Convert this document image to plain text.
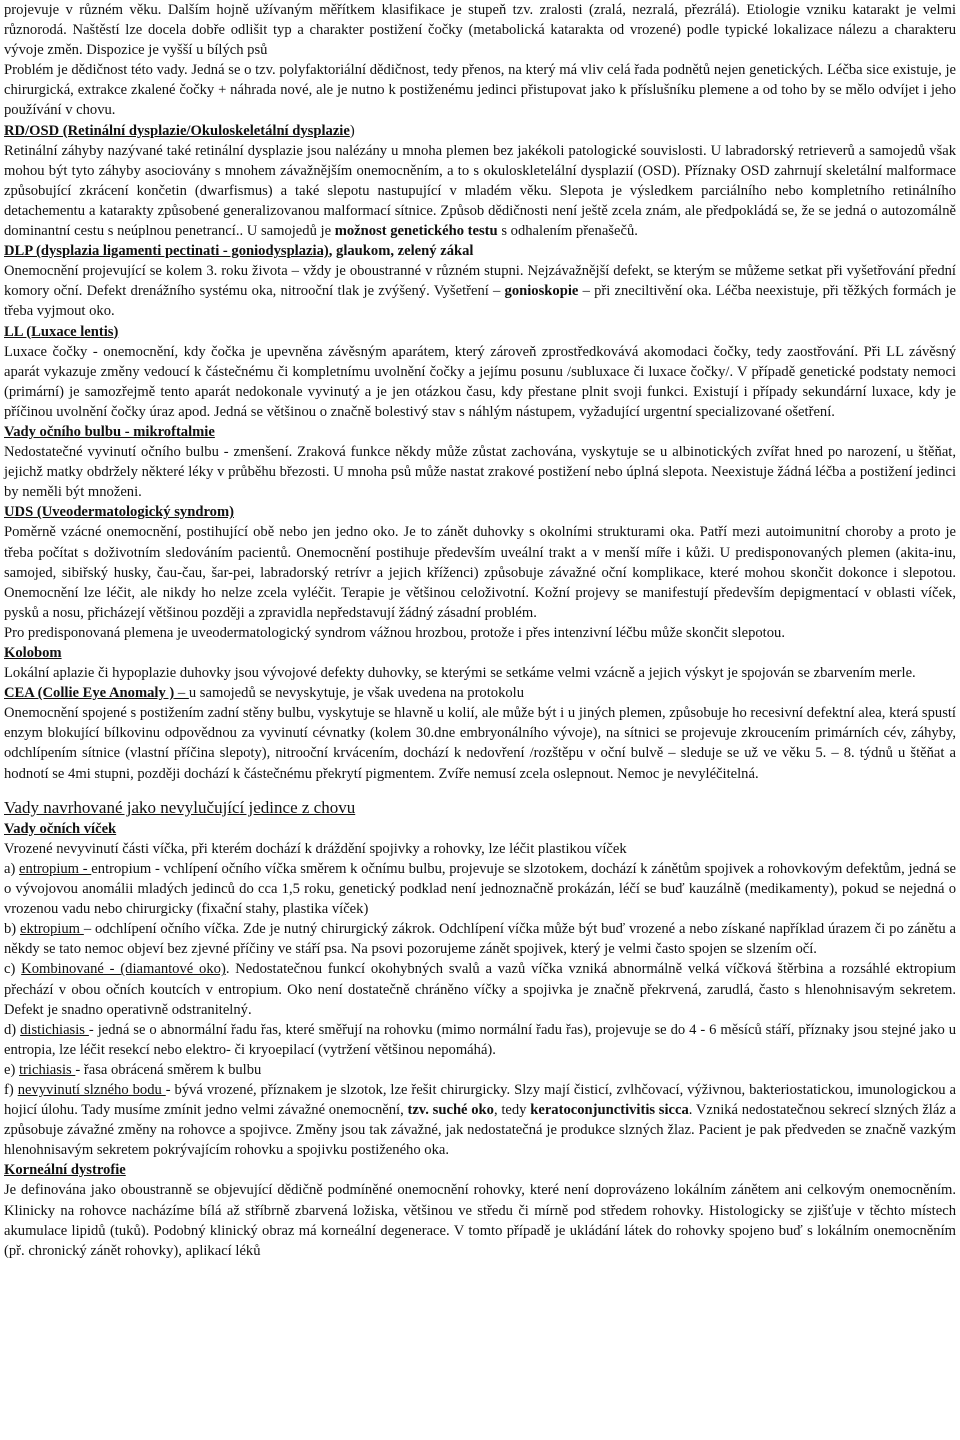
projevuje v různém věku. Dalším hojně užívaným měřítkem klasifikace je stupeň tzv. zralosti (zralá, nezralá, přezrálá). Etiologie vzniku katarakt je velmi různorodá. Naštěstí lze docela dobře odlišit typ a charakter postižení čočky (metabolická katarakta od vrozené) podle typické lokalizace nálezu a charakteru vývoje změn. Dispozice je vyšší u bílých psů

Problém je dědičnost této vady. Jedná se o tzv. polyfaktoriální dědičnost, tedy přenos, na který má vliv celá řada podnětů nejen genetických. Léčba sice existuje, je chirurgická, extrakce zkalené čočky + náhrada nové, ale je nutno k postiženému jedinci přistupovat jako k příslušníku plemene a od toho by se mělo odvíjet i jeho používání v chovu.

RD/OSD (Retinální dysplazie/Okuloskeletální dysplazie)

Retinální záhyby nazývané také retinální dysplazie jsou nalézány u mnoha plemen bez jakékoli patologické souvislosti. U labradorský retrieverů a samojedů však mohou být tyto záhyby asociovány s mnohem závažnějším onemocněním, a to s okuloskletelální dysplazií (OSD). Příznaky OSD zahrnují skeletální malformace způsobující zkrácení končetin (dwarfismus) a také slepotu nastupující v mladém věku. Slepota je výsledkem parciálního nebo kompletního retinálního detachementu a katarakty způsobené generalizovanou malformací sítnice. Způsob dědičnosti není ještě zcela znám, ale předpokládá se, že se jedná o autozomálně dominantní cestu s neúplnou penetrancí.. U samojedů je možnost genetického testu s odhalením přenašečů.

DLP (dysplazia ligamenti pectinati - goniodysplazia), glaukom, zelený zákal

Onemocnění projevující se kolem 3. roku života – vždy je oboustranné v různém stupni. Nejzávažnější defekt, se kterým se můžeme setkat při vyšetřování přední komory oční. Defekt drenážního systému oka, nitrooční tlak je zvýšený. Vyšetření – gonioskopie – při zneciltivění oka. Léčba neexistuje, při těžkých formách je třeba vyjmout oko.

LL (Luxace lentis)

Luxace čočky - onemocnění, kdy čočka je upevněna závěsným aparátem, který zároveň zprostředkovává akomodaci čočky, tedy zaostřování. Při LL závěsný aparát vykazuje změny vedoucí k částečnému či kompletnímu uvolnění čočky a jejímu posunu /subluxace či luxace čočky/. V případě genetické podstaty nemoci (primární) je samozřejmě tento aparát nedokonale vyvinutý a je jen otázkou času, kdy přestane plnit svoji funkci. Existují i případy sekundární luxace, kdy je příčinou uvolnění čočky úraz apod. Jedná se většinou o značně bolestivý stav s náhlým nástupem, vyžadující urgentní specializované ošetření.

Vady očního bulbu - mikroftalmie

Nedostatečné vyvinutí očního bulbu - zmenšení. Zraková funkce někdy může zůstat zachována, vyskytuje se u albinotických zvířat hned po narození, u štěňat, jejichž matky obdržely některé léky v průběhu březosti. U mnoha psů může nastat zrakové postižení nebo úplná slepota. Neexistuje žádná léčba a postižení jedinci by neměli být množeni.

UDS (Uveodermatologický syndrom)

Poměrně vzácné onemocnění, postihující obě nebo jen jedno oko. Je to zánět duhovky s okolními strukturami oka. Patří mezi autoimunitní choroby a proto je třeba počítat s doživotním sledováním pacientů. Onemocnění postihuje především uveální trakt a v menší míře i kůži. U predisponovaných plemen (akita-inu, samojed, sibiřský husky, čau-čau, šar-pei, labradorský retrívr a jejich kříženci) způsobuje závažné oční komplikace, které mohou skončit dokonce i slepotou. Onemocnění lze léčit, ale nikdy ho nelze zcela vyléčit. Terapie je většinou celoživotní. Kožní projevy se manifestují především depigmentací v oblasti víček, pysků a nosu, přicházejí většinou později a zpravidla nepředstavují žádný zásadní problém.

Pro predisponovaná plemena je uveodermatologický syndrom vážnou hrozbou, protože i přes intenzivní léčbu může skončit slepotou.

Kolobom

Lokální aplazie či hypoplazie duhovky jsou vývojové defekty duhovky, se kterými se setkáme velmi vzácně a jejich výskyt je spojován se zbarvením merle.

CEA (Collie Eye Anomaly ) – u samojedů se nevyskytuje, je však uvedena na protokolu

Onemocnění spojené s postižením zadní stěny bulbu, vyskytuje se hlavně u kolií, ale může být i u jiných plemen, způsobuje ho recesivní defektní alea, která spustí enzym blokující bílkovinu odpovědnou za vyvinutí cévnatky (kolem 30.dne embryonálního vývoje), na sítnici se projevuje zkroucením primárních cév, záhyby, odchlípením sítnice (vlastní příčina slepoty), nitrooční krvácením, dochází k nedovření /rozštěpu v oční bulvě – sleduje se už ve věku 5. – 8. týdnů u štěňat a hodnotí se 4mi stupni, později dochází k částečnému překrytí pigmentem. Zvíře nemusí zcela oslepnout. Nemoc je nevyléčitelná.

Vady navrhované jako nevylučující jedince z chovu

Vady očních víček

Vrozené nevyvinutí části víčka, při kterém dochází k dráždění spojivky a rohovky, lze léčit plastikou víček

a) entropium - entropium - vchlípení očního víčka směrem k očnímu bulbu, projevuje se slzotokem, dochází k zánětům spojivek a rohovkovým defektům, jedná se o vývojovou anomálii mladých jedinců do cca 1,5 roku, genetický podklad není jednoznačně prokázán, léčí se buď kauzálně (medikamenty), pokud se nejedná o vrozenou vadu nebo chirurgicky (fixační stahy, plastika víček)

b) ektropium – odchlípení očního víčka. Zde je nutný chirurgický zákrok. Odchlípení víčka může být buď vrozené a nebo získané například úrazem či po zánětu a někdy se tato nemoc objeví bez zjevné příčiny ve stáří psa. Na psovi pozorujeme zánět spojivek, který je velmi často spojen se slzením očí.

c) Kombinované - (diamantové oko). Nedostatečnou funkcí okohybných svalů a vazů víčka vzniká abnormálně velká víčková štěrbina a rozsáhlé ektropium přechází v obou očních koutcích v entropium. Oko není dostatečně chráněno víčky a spojivka je značně překrvená, zarudlá, často s hlenohnisavým sekretem. Defekt je snadno operativně odstranitelný.

d) distichiasis - jedná se o abnormální řadu řas, které směřují na rohovku (mimo normální řadu řas), projevuje se do 4 - 6 měsíců stáří, příznaky jsou stejné jako u entropia, lze léčit resekcí nebo elektro- či kryoepilací (vytržení většinou nepomáhá).

e) trichiasis - řasa obrácená směrem k bulbu

f) nevyvinutí slzného bodu - bývá vrozené, příznakem je slzotok, lze řešit chirurgicky. Slzy mají čisticí, zvlhčovací, výživnou, bakteriostatickou, imunologickou a hojicí úlohu. Tady musíme zmínit jedno velmi závažné onemocnění, tzv. suché oko, tedy keratoconjunctivitis sicca. Vzniká nedostatečnou sekrecí slzných žláz a způsobuje závažné změny na rohovce a spojivce. Změny jsou tak závažné, jak nedostatečná je produkce slzných žlaz. Pacient je pak předveden se značně vazkým hlenohnisavým sekretem pokrývajícím rohovku a spojivku postiženého oka.

Korneální dystrofie

Je definována jako oboustranně se objevující dědičně podmíněné onemocnění rohovky, které není doprovázeno lokálním zánětem ani celkovým onemocněním. Klinicky na rohovce nacházíme bílá až stříbrně zbarvená ložiska, většinou ve středu či mírně pod středem rohovky. Histologicky se zjišťuje v těchto místech akumulace lipidů (tuků). Podobný klinický obraz má korneální degenerace. V tomto případě je ukládání látek do rohovky spojeno buď s lokálním onemocněním (př. chronický zánět rohovky), aplikací léků
